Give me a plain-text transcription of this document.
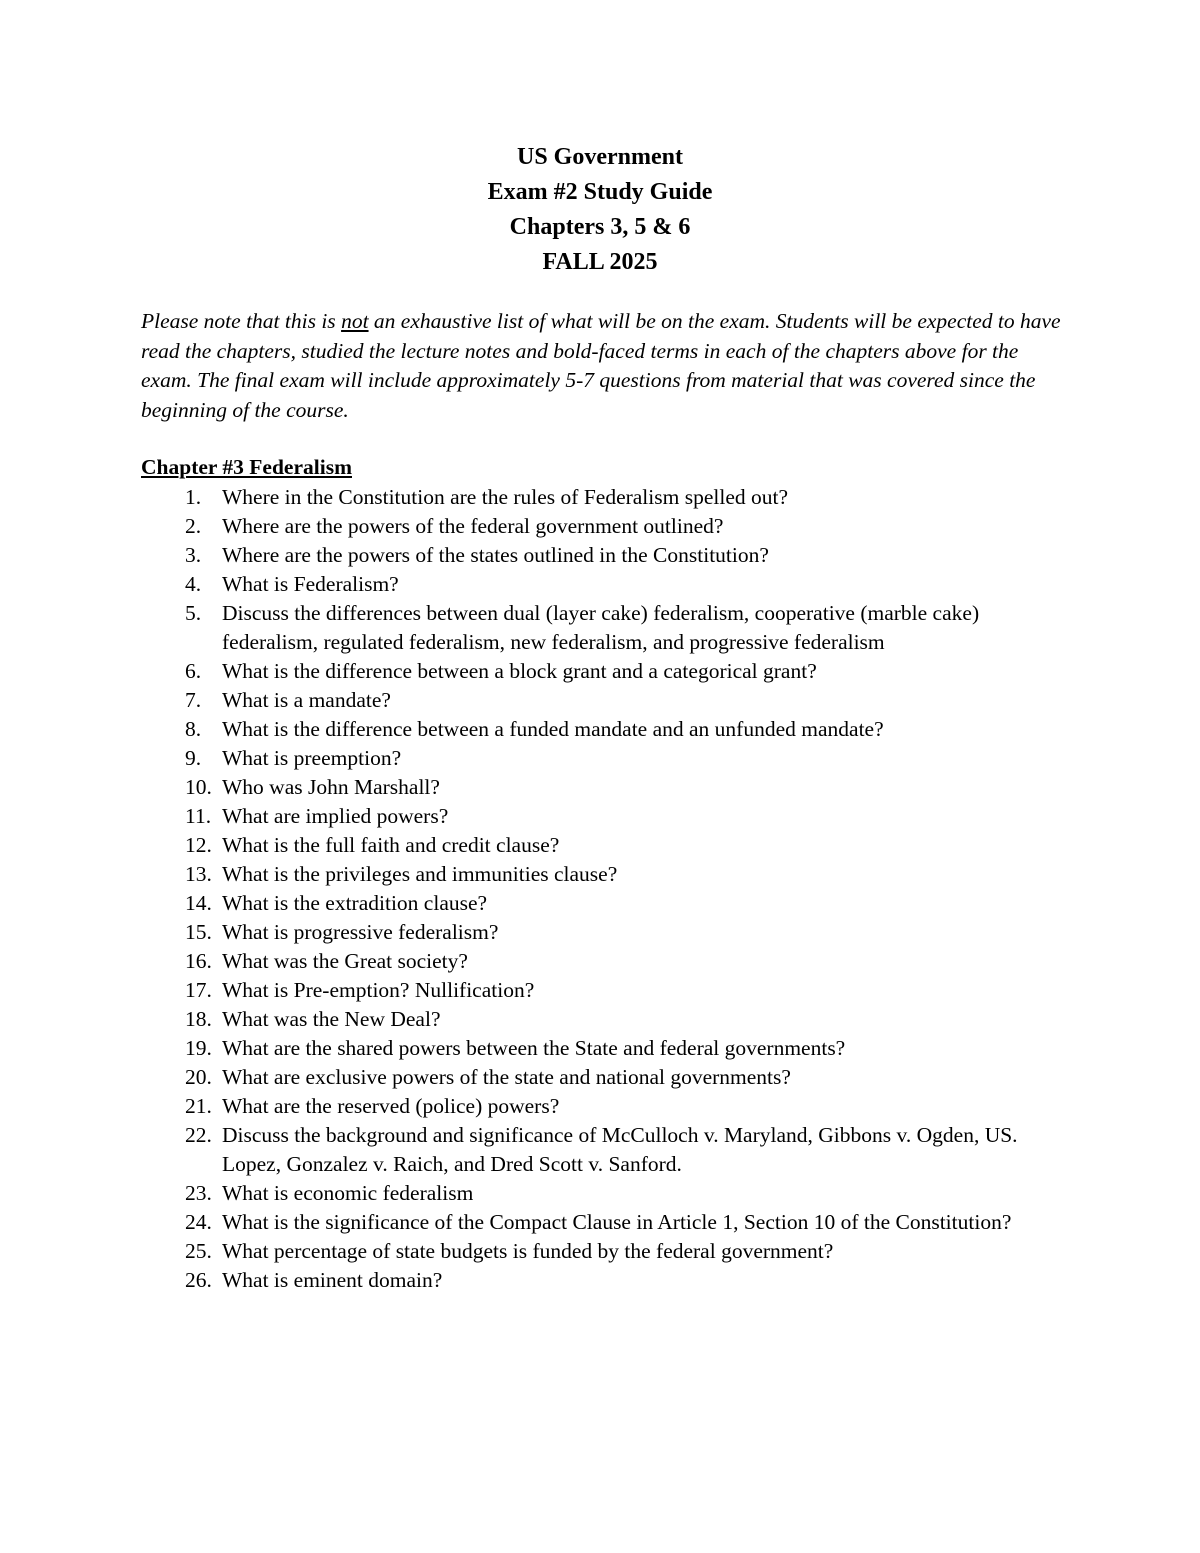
US Government
Exam #2 Study Guide
Chapters 3, 5 & 6
FALL 2025

Please note that this is not an exhaustive list of what will be on the exam. Students will be expected to have read the chapters, studied the lecture notes and bold-faced terms in each of the chapters above for the exam. The final exam will include approximately 5-7 questions from material that was covered since the beginning of the course.

Chapter #3 Federalism
1. Where in the Constitution are the rules of Federalism spelled out?
2. Where are the powers of the federal government outlined?
3. Where are the powers of the states outlined in the Constitution?
4. What is Federalism?
5. Discuss the differences between dual (layer cake) federalism, cooperative (marble cake) federalism, regulated federalism, new federalism, and progressive federalism
6. What is the difference between a block grant and a categorical grant?
7. What is a mandate?
8. What is the difference between a funded mandate and an unfunded mandate?
9. What is preemption?
10. Who was John Marshall?
11. What are implied powers?
12. What is the full faith and credit clause?
13. What is the privileges and immunities clause?
14. What is the extradition clause?
15. What is progressive federalism?
16. What was the Great society?
17. What is Pre-emption? Nullification?
18. What was the New Deal?
19. What are the shared powers between the State and federal governments?
20. What are exclusive powers of the state and national governments?
21. What are the reserved (police) powers?
22. Discuss the background and significance of McCulloch v. Maryland, Gibbons v. Ogden, US. Lopez, Gonzalez v. Raich, and Dred Scott v. Sanford.
23. What is economic federalism
24. What is the significance of the Compact Clause in Article 1, Section 10 of the Constitution?
25. What percentage of state budgets is funded by the federal government?
26. What is eminent domain?
